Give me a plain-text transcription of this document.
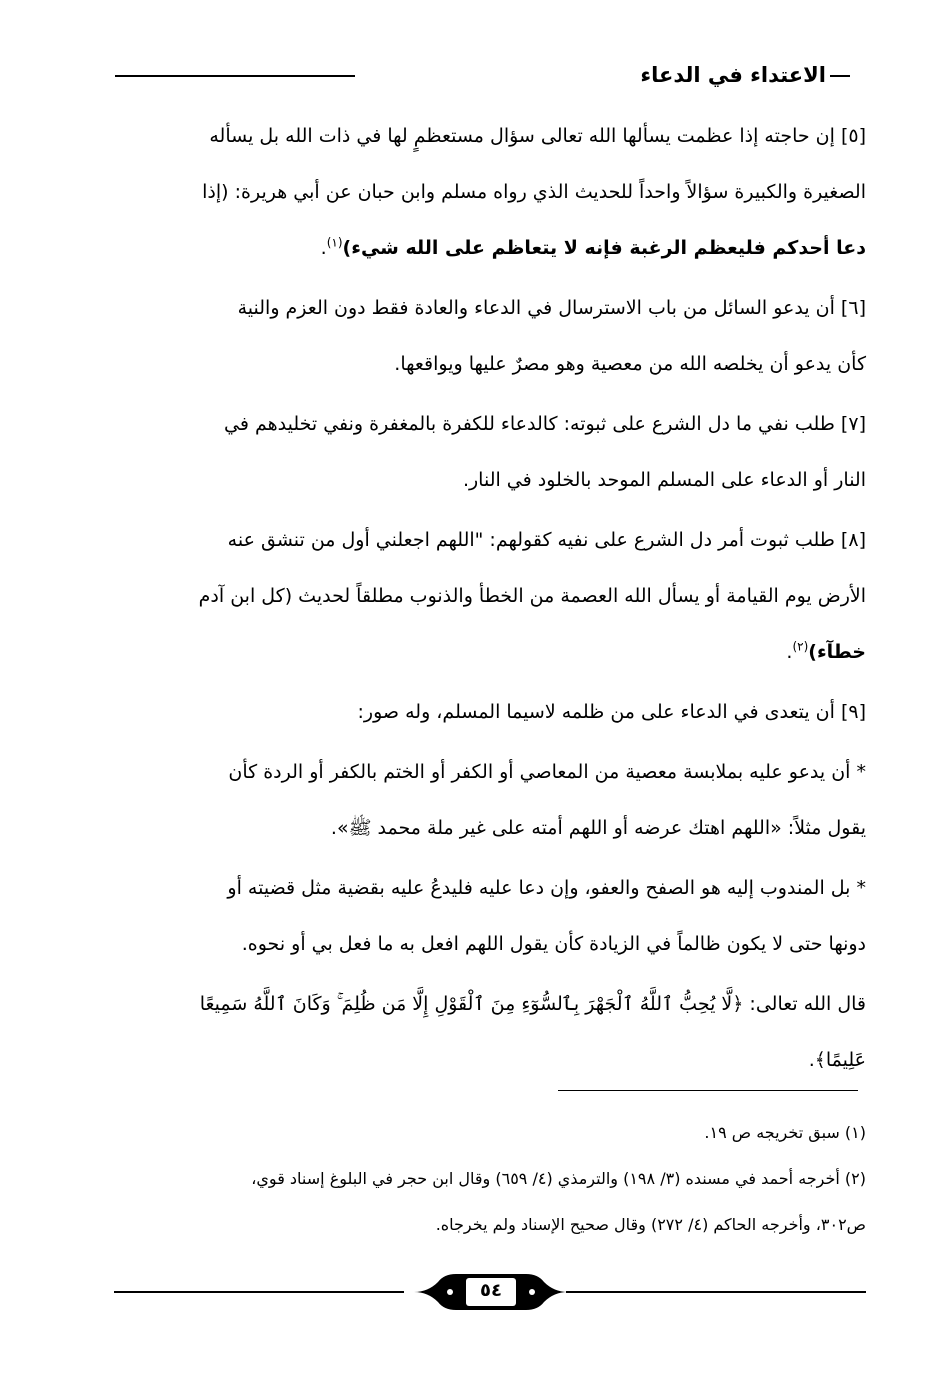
الاعتداء في الدعاء
[٥] إن حاجته إذا عظمت يسألها الله تعالى سؤال مستعظمٍ لها في ذات الله بل يسأله
الصغيرة والكبيرة سؤالاً واحداً للحديث الذي رواه مسلم وابن حبان عن أبي هريرة: (إذا
دعا أحدكم فليعظم الرغبة فإنه لا يتعاظم على الله شيء)$^{(١)}$.
[٦] أن يدعو السائل من باب الاسترسال في الدعاء والعادة فقط دون العزم والنية
كأن يدعو أن يخلصه الله من معصية وهو مصرٌ عليها ويواقعها.
[٧] طلب نفي ما دل الشرع على ثبوته: كالدعاء للكفرة بالمغفرة ونفي تخليدهم في
النار أو الدعاء على المسلم الموحد بالخلود في النار.
[٨] طلب ثبوت أمر دل الشرع على نفيه كقولهم: "اللهم اجعلني أول من تنشق عنه
الأرض يوم القيامة أو يسأل الله العصمة من الخطأ والذنوب مطلقاً لحديث (كل ابن آدم
خطآء)$^{(٢)}$.
[٩] أن يتعدى في الدعاء على من ظلمه لاسيما المسلم، وله صور:
* أن يدعو عليه بملابسة معصية من المعاصي أو الكفر أو الختم بالكفر أو الردة كأن
يقول مثلاً: «اللهم اهتك عرضه أو اللهم أمته على غير ملة محمد ﷺ».
* بل المندوب إليه هو الصفح والعفو، وإن دعا عليه فليدعُ عليه بقضية مثل قضيته أو
دونها حتى لا يكون ظالماً في الزيادة كأن يقول اللهم افعل به ما فعل بي أو نحوه.
قال الله تعالى: ﴿لَّا يُحِبُّ ٱللَّهُ ٱلْجَهْرَ بِٱلسُّوٓءِ مِنَ ٱلْقَوْلِ إِلَّا مَن ظُلِمَ ۚ وَكَانَ ٱللَّهُ سَمِيعًا
عَلِيمًا﴾.

(١) سبق تخريجه ص ١٩.

(٢) أخرجه أحمد في مسنده (٣/ ١٩٨) والترمذي (٤/ ٦٥٩) وقال ابن حجر في البلوغ إسناد قوي،

ص٣٠٢، وأخرجه الحاكم (٤/ ٢٧٢) وقال صحيح الإسناد ولم يخرجاه.

٥٤
